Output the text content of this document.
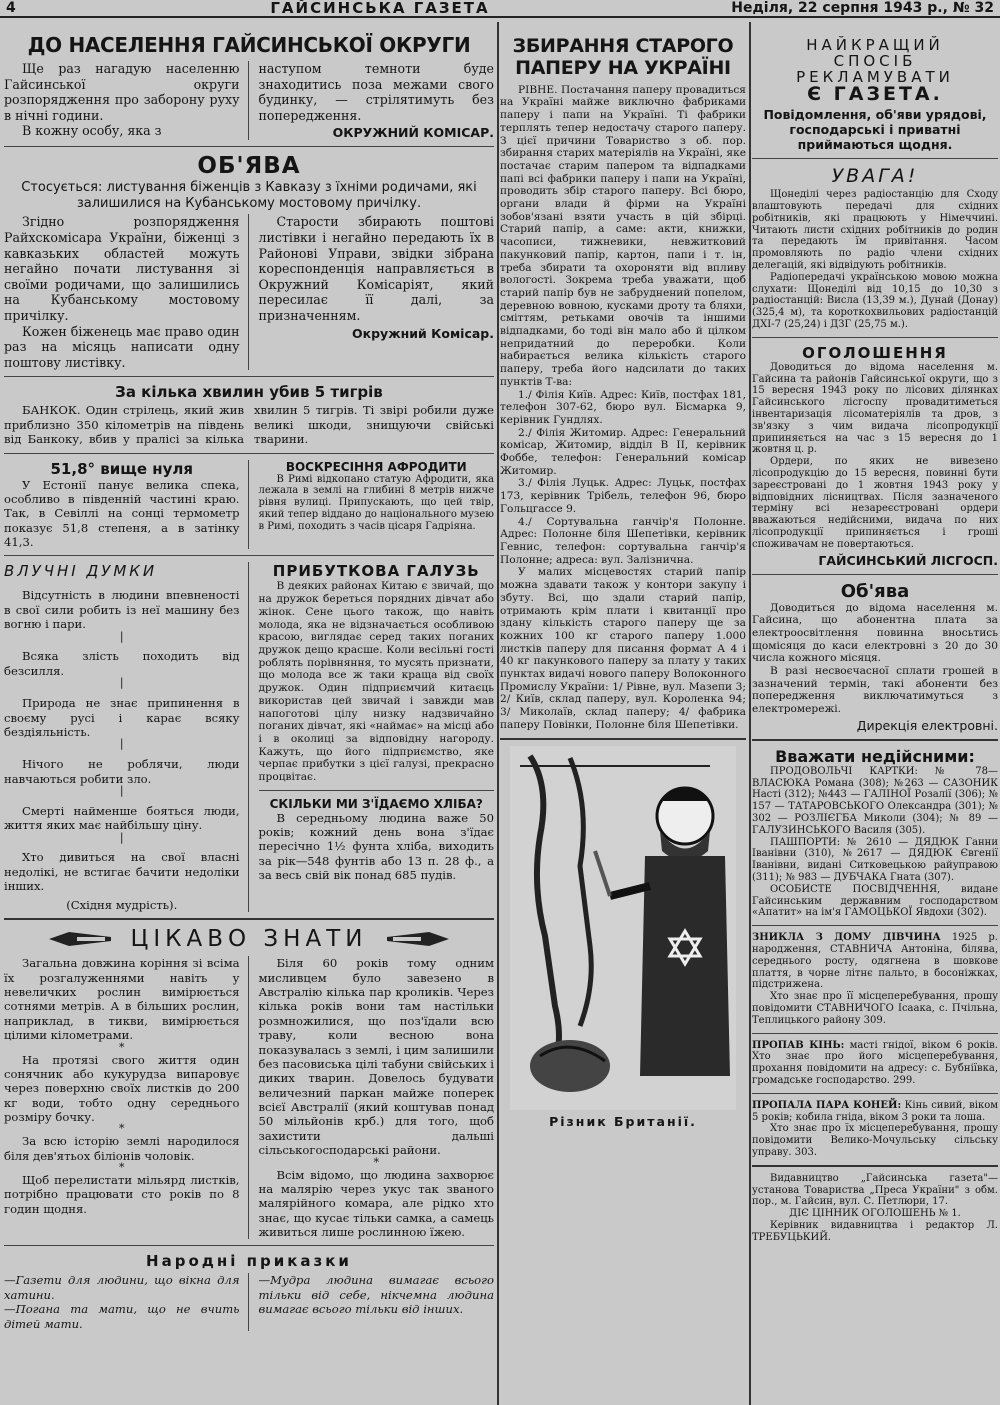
4	ГАЙСИНСЬКА ГАЗЕТА	Неділя, 22 серпня 1943 р., № 32
ДО НАСЕЛЕННЯ ГАЙСИНСЬКОЇ ОКРУГИ

Ще раз нагадую населенню Гайсинської округи розпорядження про заборону руху в нічні години.

В кожну особу, яка з

наступом темноти буде знаходитись поза межами свого будинку, — стрілятимуть без попередження.

ОКРУЖНИЙ КОМІСАР.
ОБ'ЯВА
Стосується: листування біженців з Кавказу з їхніми родичами, які залишилися на Кубанському мостовому причілку.

Згідно розпорядження Райхскомісара України, біженці з кавказьких областей можуть негайно почати листування зі своїми родичами, що залишились на Кубанському мостовому причілку.

Кожен біженець має право один раз на місяць написати одну поштову листівку.

Старости збирають поштові листівки і негайно передають їх в Районові Управи, звідки зібрана кореспонденція направляється в Окружний Комісаріят, який пересилає її далі, за призначенням.

Окружний Комісар.
За кілька хвилин убив 5 тигрів

БАНКОК. Один стрілець, який жив приблизно 350 кілометрів на південь від Банкоку, вбив у пралісі за кілька хвилин 5 тигрів. Ті звірі робили дуже великі шкоди, знищуючи свійські тварини.

51,8° вище нуля

У Естонії панує велика спека, особливо в південній частині краю. Так, в Севіллі на сонці термометр показує 51,8 степеня, а в затінку 41,3.

ВОСКРЕСІННЯ АФРОДИТИ

В Римі відкопано статую Афродити, яка лежала в землі на глибині 8 метрів нижче рівня вулиці. Припускають, що цей твір, який тепер віддано до національного музею в Римі, походить з часів цісаря Гадріяна.

ВЛУЧНІ ДУМКИ

Відсутність в людини впевненості в свої сили робить із неї машину без вогню і пари.

|

Всяка злість походить від безсилля.

|

Природа не знає припинення в своєму русі і карає всяку бездіяльність.

|

Нічого не роблячи, люди навчаються робити зло.

|

Смерті найменше бояться люди, життя яких має найбільшу ціну.

|

Хто дивиться на свої власні недолікі, не встигає бачити недоліки інших.

(Східня мудрість).
ПРИБУТКОВА ГАЛУЗЬ

В деяких районах Китаю є звичай, що на дружок береться порядних дівчат або жінок. Сене цього також, що навіть молода, яка не відзначається особливою красою, виглядає серед таких поганих дружок дещо красше. Коли весільні гості роблять порівняння, то мусять признати, що молода все ж таки краща від своїх дружок. Один підприємчий китаєць використав цей звичай і завжди мав напоготові цілу низку надзвичайно поганих дівчат, які «наймає» на місці або і в околиці за відповідну нагороду. Кажуть, що його підприємство, яке черпає прибутки з цієї галузі, прекрасно процвітає.

СКІЛЬКИ МИ З'ЇДАЄМО ХЛІБА?

В середньому людина важе 50 років; кожний день вона з'їдає пересічно 1½ фунта хліба, виходить за рік—548 фунтів або 13 п. 28 ф., а за весь свій вік понад 685 пудів.

ЦІКАВО ЗНАТИ

Загальна довжина коріння зі всіма їх розгалуженнями навіть у невеличких рослин вимірюється сотнями метрів. А в більших рослин, наприклад, в тикви, вимірюється цілими кілометрами.

*

На протязі свого життя один сонячник або кукурудза випаровує через поверхню своїх листків до 200 кг води, тобто одну середнього розміру бочку.

*

За всю історію землі народилося біля дев'ятьох біліонів чоловік.

*

Щоб перелистати мільярд листків, потрібно працювати сто років по 8 годин щодня.

Біля 60 років тому одним мисливцем було завезено в Австралію кілька пар кроликів. Через кілька років вони там настільки розмножилися, що поз'їдали всю траву, коли весною вона показувалась з землі, і цим залишили без пасовиська цілі табуни свійських і диких тварин. Довелось будувати величезний паркан майже поперек всієї Австралії (який коштував понад 50 мільйонів крб.) для того, щоб захистити дальші сільськогосподарські райони.

*

Всім відомо, що людина захворює на малярію через укус так званого малярійного комара, але рідко хто знає, що кусає тільки самка, а самець живиться лише рослинною їжею.

Народні приказки

—Газети для людини, що вікна для хатини.

—Погана та мати, що не вчить дітей мати.

—Мудра людина вимагає всього тільки від себе, нікчемна людина вимагає всього тільки від інших.

ЗБИРАННЯ СТАРОГО ПАПЕРУ НА УКРАЇНІ

РІВНЕ. Постачання паперу провадиться на Україні майже виключно фабриками паперу і папи на Україні. Ті фабрики терплять тепер недостачу старого паперу. З цієї причини Товариство з об. пор. збирання старих матеріялів на Україні, яке постачає старим папером та відпадками папі всі фабрики паперу і папи на Україні, проводить збір старого паперу. Всі бюро, органи влади й фірми на Україні зобов'язані взяти участь в цій збірці. Старий папір, а саме: акти, книжки, часописи, тижневики, невжиткoвий пакунковий папір, картон, папи і т. ін, треба збирати та охороняти від впливу вологості. Зокрема треба уважати, щоб старий папір був не забруднений попелом, деревною вовною, кусками дроту та бляхи, сміттям, ретьками овочів та іншими відпадками, бо тоді він мало або й цілком непридатний до переробки. Коли набирається велика кількість старого паперу, треба його надсилати до таких пунктів Т-ва:

1./ Філія Київ. Адрес: Київ, постфах 181, телефон 307-62, бюро вул. Бісмарка 9, керівник Гундлях.

2./ Філія Житомир. Адрес: Генеральний комісар, Житомир, відділ В II, керівник Фоббе, телефон: Генеральний комісар Житомир.

3./ Філія Луцьк. Адрес: Луцьк, постфах 173, керівник Трібель, телефон 96, бюро Гольцгассе 9.

4./ Сортувальна ганчір'я Полонне. Адрес: Полонне біля Шепетівки, керівник Гевнис, телефон: сортувальна ганчір'я Полонне; адреса: вул. Залізнична.

У малих місцевостях старий папір можна здавати також у контори закупу і збуту. Всі, що здали старий папір, отримають крім плати і квитанції про здану кількість старого паперу ще за кожних 100 кг старого паперу 1.000 листків паперу для писання формат А 4 і 40 кг пакункового паперу за плату у таких пунктах видачі нового паперу Волоконного Промислу України: 1/ Рівне, вул. Мазепи 3; 2/ Київ, склад паперу, вул. Короленка 94; 3/ Миколаїв, склад паперу; 4/ фабрика паперу Повінки, Полонне біля Шепетівки.

Різник Британії.
НАЙКРАЩИЙ
СПОСІБ
РЕКЛАМУВАТИ
Є ГАЗЕТА.
Повідомлення, об'яви урядові, господарські і приватні приймаються щодня.
УВАГА!

Щонеділі через радіостанцію для Сходу влаштовують передачі для східних робітників, які працюють у Німеччині. Читають листи східних робітників до родин та передають їм привітання. Часом промовляють по радіо члени східних делегацій, які відвідують робітників.

Радіопередачі українською мовою можна слухати: Щонеділі від 10,15 до 10,30 з радіостанцій: Висла (13,39 м.), Дунай (Донау) (325,4 м), та короткохвильових радіостанцій ДХІ-7 (25,24) і ДЗГ (25,75 м.).

ОГОЛОШЕННЯ

Доводиться до відома населення м. Гайсина та районів Гайсинської округи, що з 15 вересня 1943 року по лісових ділянках Гайсинського лісгоспу провадитиметься інвентаризація лісоматеріялів та дров, з зв'язку з чим видача лісопродукції припиняється на час з 15 вересня до 1 жовтня ц. р.

Ордери, по яких не вивезено лісопродукцію до 15 вересня, повинні бути зареєстровані до 1 жовтня 1943 року у відповідних лісництвах. Після зазначеного терміну всі незареєстровані ордери вважаються недійсними, видача по них лісопродукції припиняється і гроші споживачам не повертаються.

ГАЙСИНСЬКИЙ ЛІСГОСП.
Об'ява

Доводиться до відома населення м. Гайсина, що абонентна плата за електроосвітлення повинна вносьтись щомісяця до каси електровні з 20 до 30 числа кожного місяця.

В разі несвоєчасної сплати грошей в зазначений термін, такі абоненти без попередження виключатимуться з електромережі.

Дирекція електровні.
Вважати недійсними:

ПРОДОВОЛЬЧІ КАРТКИ: № 78—ВЛАСЮКА Романа (308); №263 — САЗОНИК Насті (312); №443 — ГАЛІНОЇ Розалії (306); № 157 — ТАТАРОВСЬКОГО Олександра (301); № 302 — РОЗЛІЄГБА Миколи (304); № 89 — ГАЛУЗИНСЬКОГО Василя (305).

ПАШПОРТИ: № 2610 — ДЯДЮК Ганни Іванівни (310), №2617 — ДЯДЮК Євгенії Іванівни, видані Ситковецькою райуправою (311); № 983 — ДУБЧАКА Гната (307).

ОСОБИСТЕ ПОСВІДЧЕННЯ, видане Гайсинським державним господарством «Апатит» на ім'я ГАМОЦЬКОЇ Явдохи (302).

ЗНИКЛА З ДОМУ ДІВЧИНА 1925 р. народження, СТАВНИЧА Антоніна, білява, середнього росту, одягнена в шовкове плаття, в чорне літнє пальто, в босоніжках, підстрижена.

Хто знає про її місцеперебування, прошу повідомити СТАВНИЧОГО Ісаака, с. Пчільна, Теплицького району 309.

ПРОПАВ КІНЬ: масті гнідої, віком 6 років. Хто знає про його місцеперебування, прохання повідомити на адресу: с. Бубніївка, громадське господарство. 299.

ПРОПАЛА ПАРА КОНЕЙ: Кінь сивий, віком 5 років; кобила гнідa, віком 3 роки та лоша.

Хто знає про їх місцеперебування, прошу повідомити Велико-Мочульську сільську управу. 303.

Видавництво „Гайсинська газета"—установа Товариства „Преса України" з обм. пор., м. Гайсин, вул. С. Петлюри, 17.

ДІЄ ЦІННИК ОГОЛОШЕНЬ № 1.

Керівник видавництва і редактор Л. ТРЕБУЦЬКИЙ.
